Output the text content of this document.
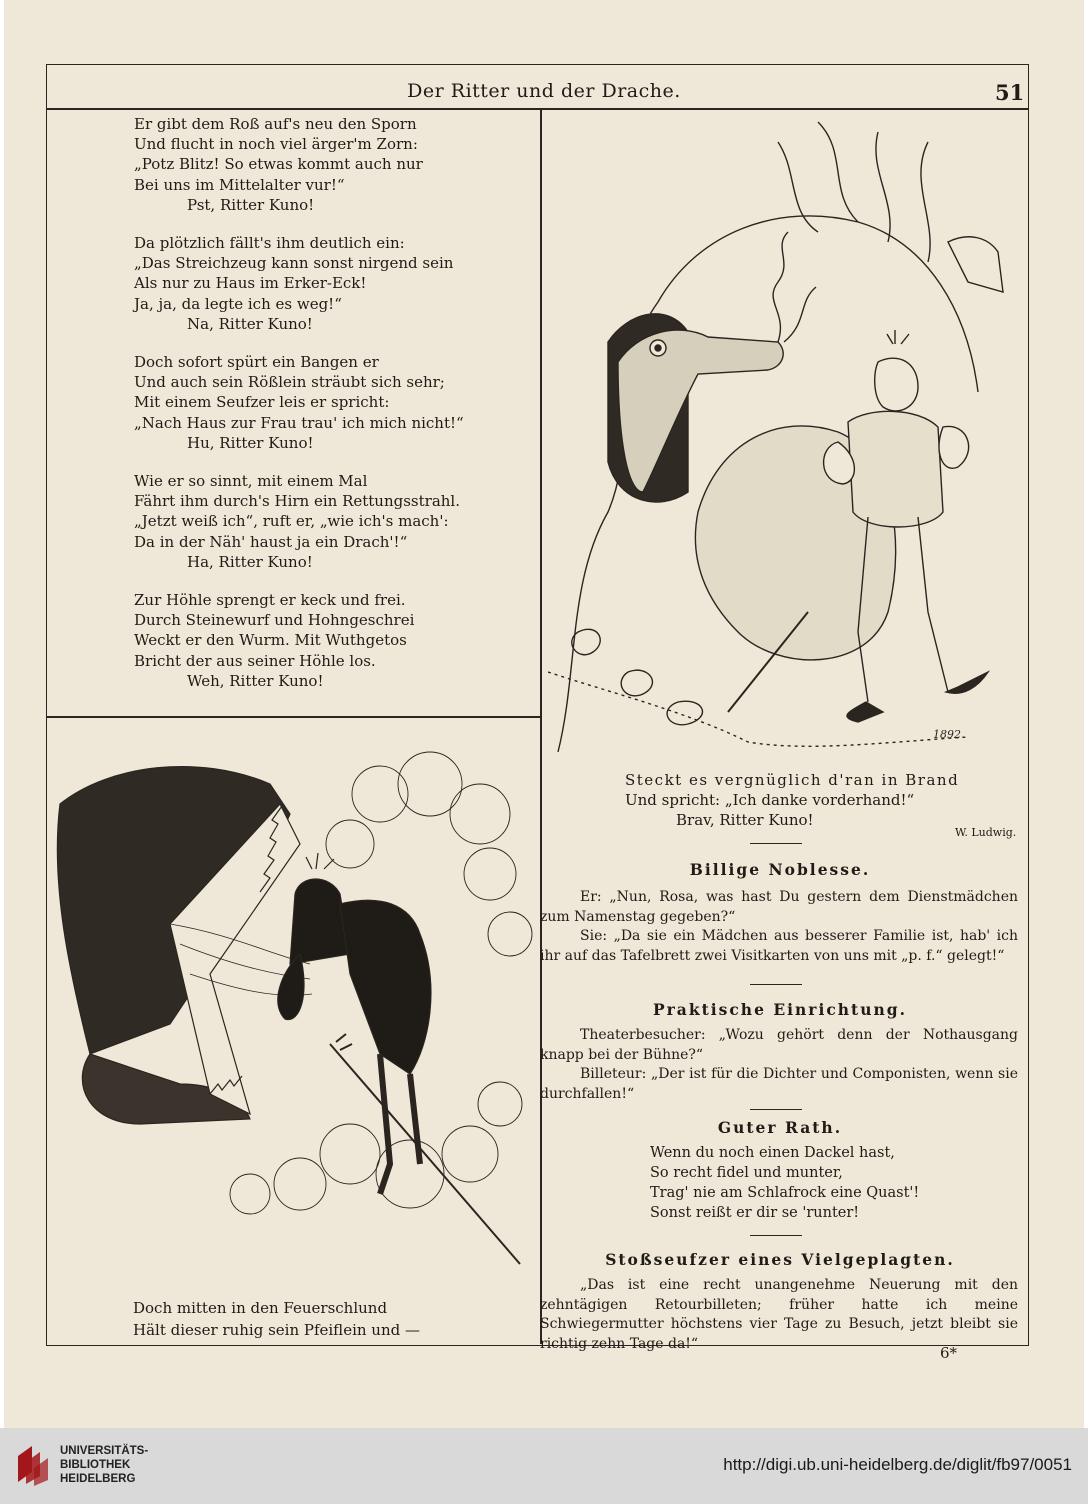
Der Ritter und der Drache.	51
Er gibt dem Roß auf's neu den Sporn
Und flucht in noch viel ärger'm Zorn:
„Potz Blitz! So etwas kommt auch nur
Bei uns im Mittelalter vur!“
Pst, Ritter Kuno!
Da plötzlich fällt's ihm deutlich ein:
„Das Streichzeug kann sonst nirgend sein
Als nur zu Haus im Erker-Eck!
Ja, ja, da legte ich es weg!“
Na, Ritter Kuno!
Doch sofort spürt ein Bangen er
Und auch sein Rößlein sträubt sich sehr;
Mit einem Seufzer leis er spricht:
„Nach Haus zur Frau trau' ich mich nicht!“
Hu, Ritter Kuno!
Wie er so sinnt, mit einem Mal
Fährt ihm durch's Hirn ein Rettungsstrahl.
„Jetzt weiß ich“, ruft er, „wie ich's mach':
Da in der Näh' haust ja ein Drach'!“
Ha, Ritter Kuno!
Zur Höhle sprengt er keck und frei.
Durch Steinewurf und Hohngeschrei
Weckt er den Wurm. Mit Wuthgetos
Bricht der aus seiner Höhle los.
Weh, Ritter Kuno!
1892
Steckt es vergnüglich d'ran in Brand
Und spricht: „Ich danke vorderhand!“
Brav, Ritter Kuno!
W. Ludwig.
Doch mitten in den Feuerschlund
Hält dieser ruhig sein Pfeiflein und —
Billige Noblesse.

Er: „Nun, Rosa, was hast Du gestern dem Dienstmädchen zum Namenstag gegeben?“

Sie: „Da sie ein Mädchen aus besserer Familie ist, hab' ich ihr auf das Tafelbrett zwei Visitkarten von uns mit „p. f.“ gelegt!“

Praktische Einrichtung.

Theaterbesucher: „Wozu gehört denn der Nothausgang knapp bei der Bühne?“

Billeteur: „Der ist für die Dichter und Componisten, wenn sie durchfallen!“

Guter Rath.
Wenn du noch einen Dackel hast,
So recht fidel und munter,
Trag' nie am Schlafrock eine Quast'!
Sonst reißt er dir se 'runter!
Stoßseufzer eines Vielgeplagten.

„Das ist eine recht unangenehme Neuerung mit den zehntägigen Retourbilleten; früher hatte ich meine Schwiegermutter höchstens vier Tage zu Besuch, jetzt bleibt sie richtig zehn Tage da!“

6*
UNIVERSITÄTS-
BIBLIOTHEK
HEIDELBERG
http://digi.ub.uni-heidelberg.de/diglit/fb97/0051
